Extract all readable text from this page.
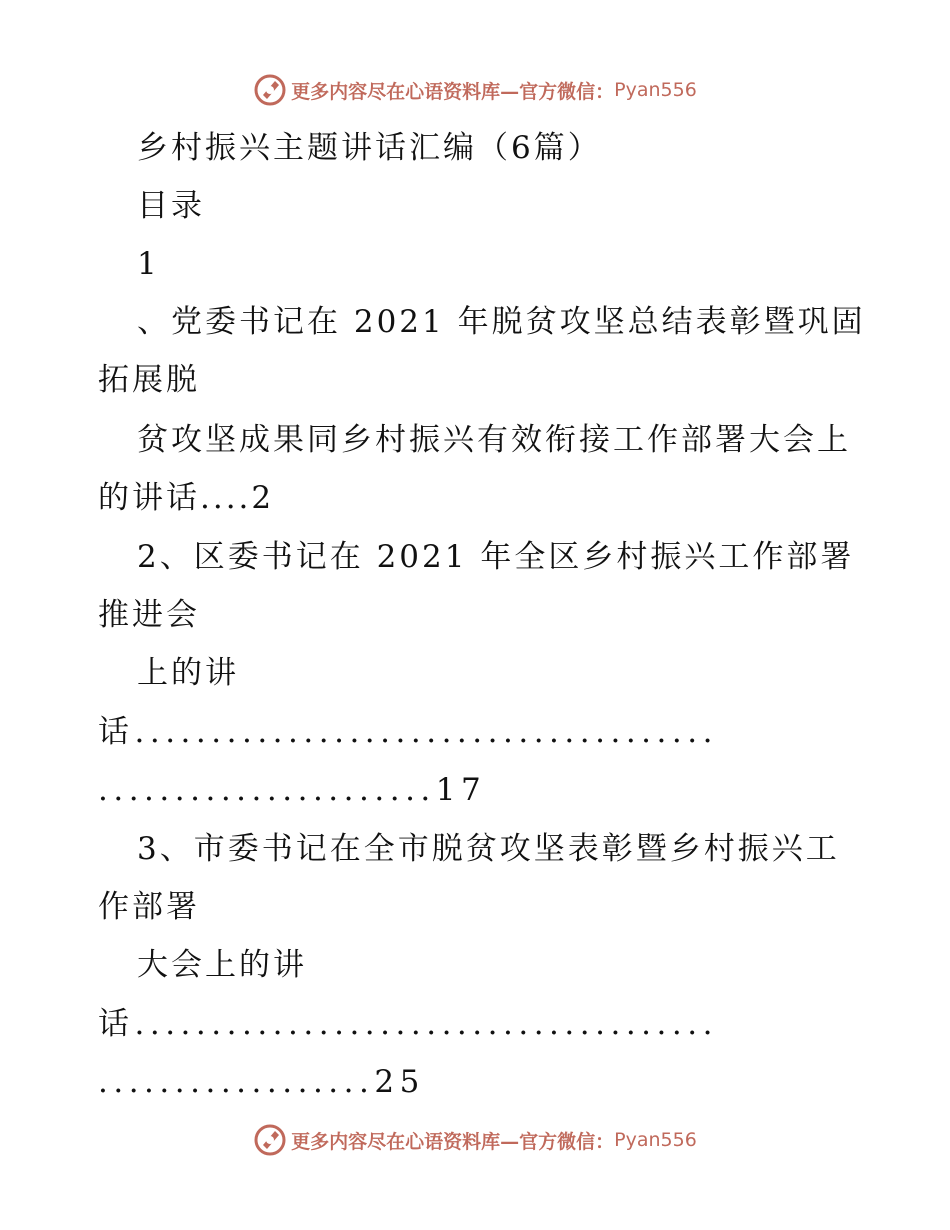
更多内容尽在心语资料库—官方微信： Pyan556
乡村振兴主题讲话汇编（6篇）
目录
1
、党委书记在 2021 年脱贫攻坚总结表彰暨巩固
拓展脱
贫攻坚成果同乡村振兴有效衔接工作部署大会上
的讲话....2
2、区委书记在 2021 年全区乡村振兴工作部署
推进会
上的讲
话......................................
......................17
3、市委书记在全市脱贫攻坚表彰暨乡村振兴工
作部署
大会上的讲
话......................................
..................25
更多内容尽在心语资料库—官方微信： Pyan556
